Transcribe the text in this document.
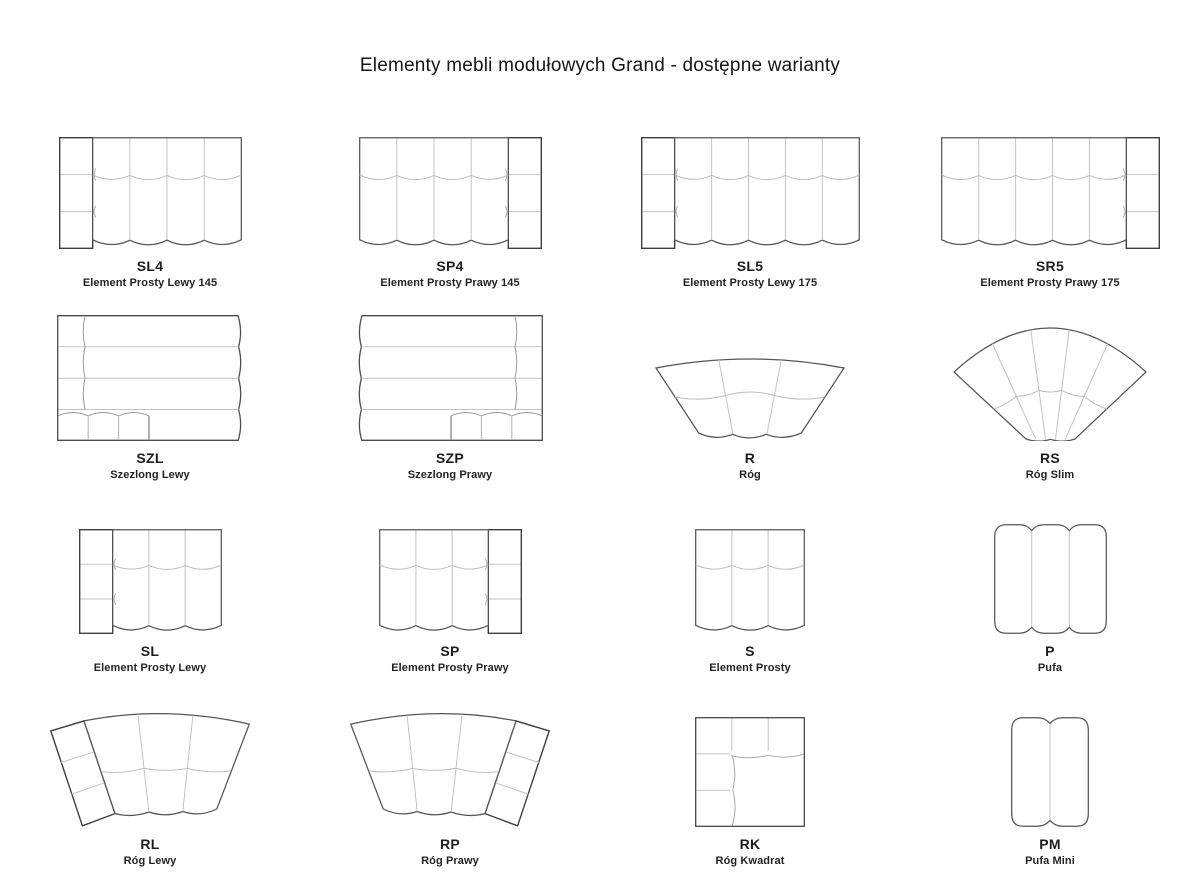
Elementy mebli modułowych Grand - dostępne warianty
SL4
Element Prosty Lewy 145
SP4
Element Prosty Prawy 145
SL5
Element Prosty Lewy 175
SR5
Element Prosty Prawy 175
SZL
Szezlong Lewy
SZP
Szezlong Prawy
R
Róg
RS
Róg Slim
SL
Element Prosty Lewy
SP
Element Prosty Prawy
S
Element Prosty
P
Pufa
RL
Róg Lewy
RP
Róg Prawy
RK
Róg Kwadrat
PM
Pufa Mini
